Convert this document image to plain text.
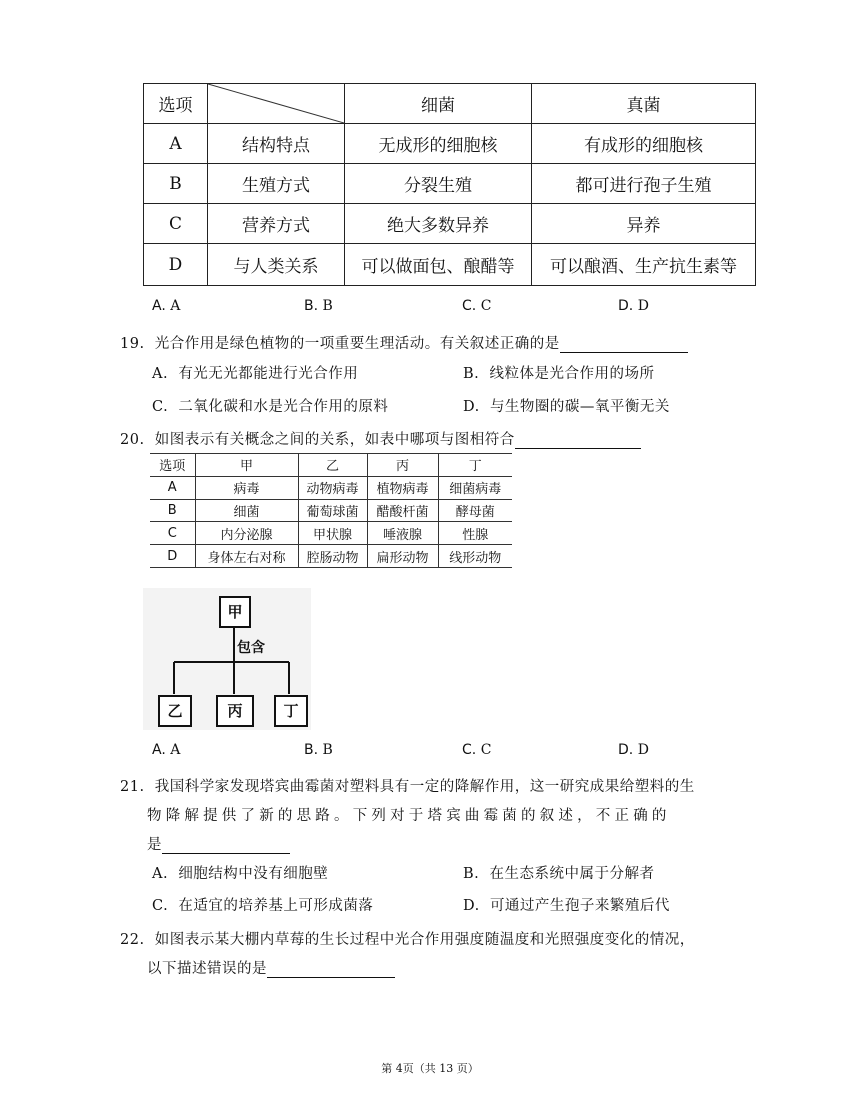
选项		细菌	真菌
A	结构特点	无成形的细胞核	有成形的细胞核
B	生殖方式	分裂生殖	都可进行孢子生殖
C	营养方式	绝大多数异养	异养
D	与人类关系	可以做面包、酿醋等	可以酿酒、生产抗生素等
A. A	B. B	C. C	D. D
19. 光合作用是绿色植物的一项重要生理活动。有关叙述正确的是
A. 有光无光都能进行光合作用	B. 线粒体是光合作用的场所
C. 二氧化碳和水是光合作用的原料	D. 与生物圈的碳—氧平衡无关
20. 如图表示有关概念之间的关系，如表中哪项与图相符合
选项	甲	乙	丙	丁
A	病毒	动物病毒	植物病毒	细菌病毒
B	细菌	葡萄球菌	醋酸杆菌	酵母菌
C	内分泌腺	甲状腺	唾液腺	性腺
D	身体左右对称	腔肠动物	扁形动物	线形动物
甲
包含
乙	丙	丁
A. A	B. B	C. C	D. D
21. 我国科学家发现塔宾曲霉菌对塑料具有一定的降解作用，这一研究成果给塑料的生
物降解提供了新的思路。下列对于塔宾曲霉菌的叙述，不正确的
是
A. 细胞结构中没有细胞壁	B. 在生态系统中属于分解者
C. 在适宜的培养基上可形成菌落	D. 可通过产生孢子来繁殖后代
22. 如图表示某大棚内草莓的生长过程中光合作用强度随温度和光照强度变化的情况，
以下描述错误的是
第 4页（共 13 页）
